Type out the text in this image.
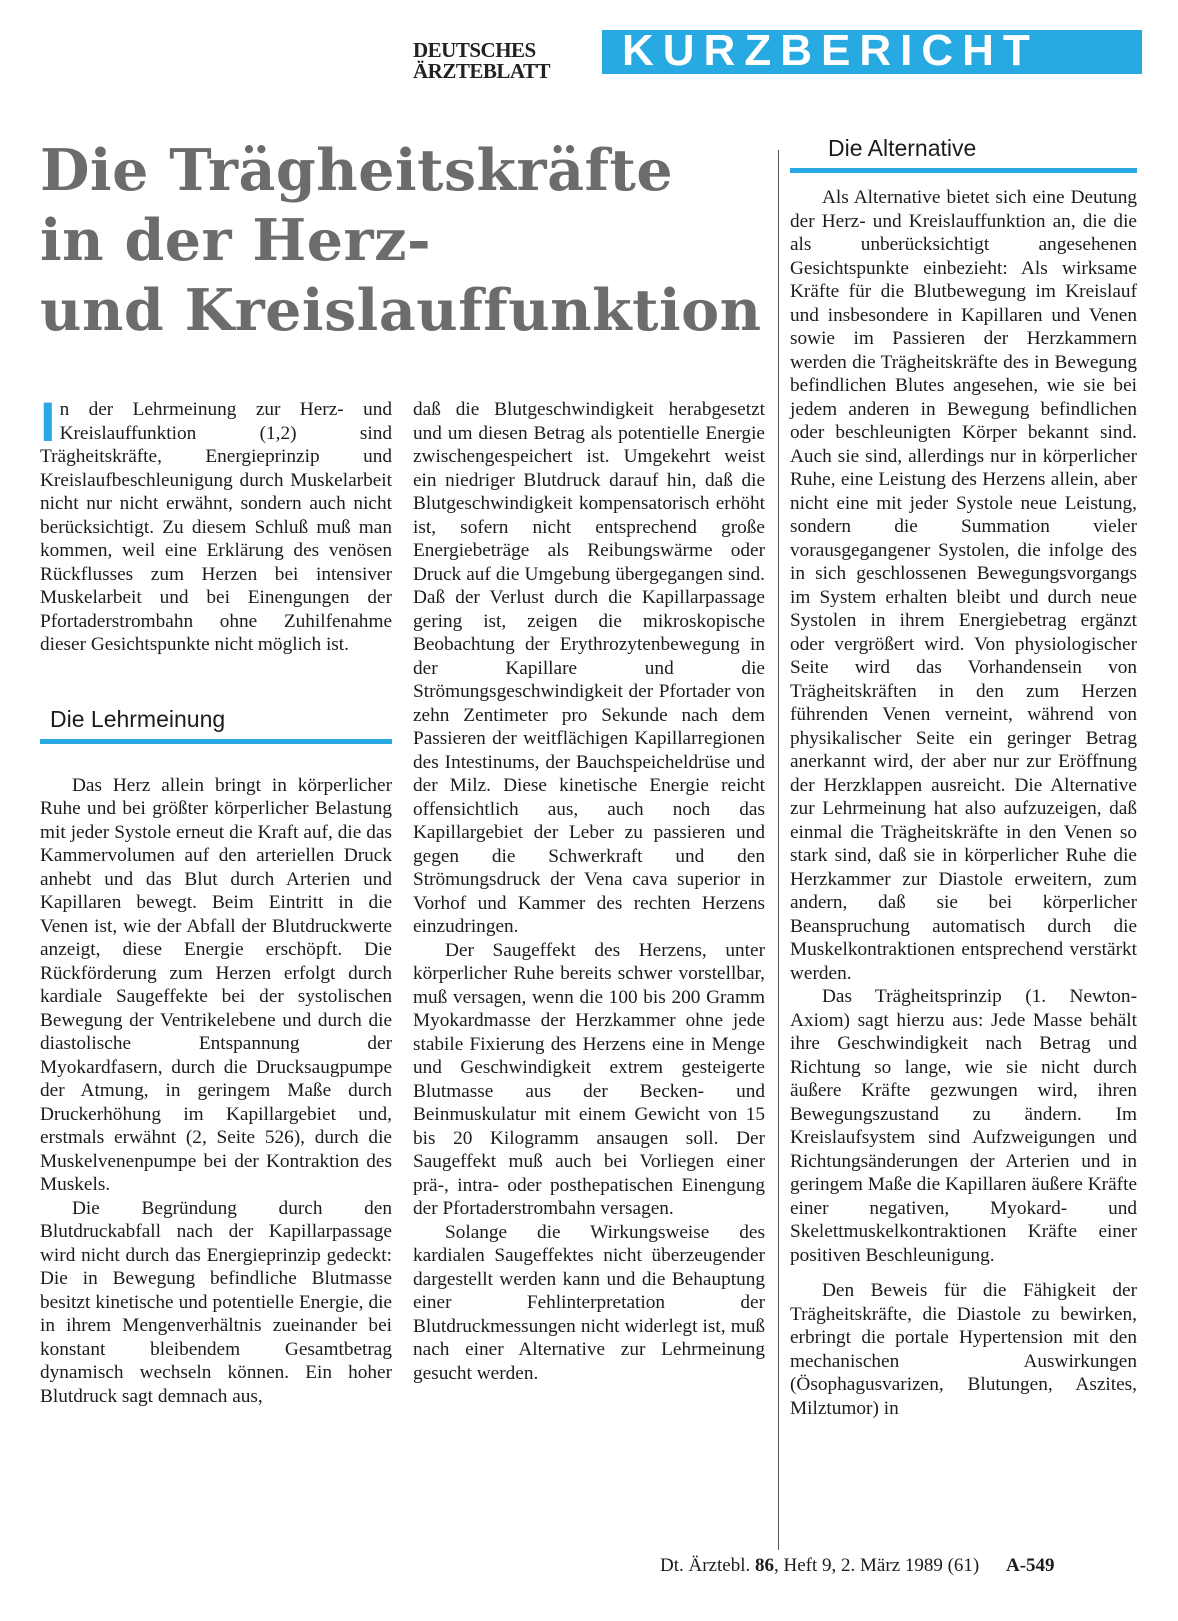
DEUTSCHES
ÄRZTEBLATT	KURZBERICHT
Die Trägheitskräfte
in der Herz-
und Kreislauffunktion

In der Lehrmeinung zur Herz- und Kreislauffunktion (1,2) sind Trägheitskräfte, Energieprinzip und Kreislaufbeschleunigung durch Muskelarbeit nicht nur nicht erwähnt, sondern auch nicht berücksichtigt. Zu diesem Schluß muß man kommen, weil eine Erklärung des venösen Rückflusses zum Herzen bei intensiver Muskelarbeit und bei Einengungen der Pfortaderstrombahn ohne Zuhilfenahme dieser Gesichtspunkte nicht möglich ist.

Die Lehrmeinung

Das Herz allein bringt in körperlicher Ruhe und bei größter körperlicher Belastung mit jeder Systole erneut die Kraft auf, die das Kammervolumen auf den arteriellen Druck anhebt und das Blut durch Arterien und Kapillaren bewegt. Beim Eintritt in die Venen ist, wie der Abfall der Blutdruckwerte anzeigt, diese Energie erschöpft. Die Rückförderung zum Herzen erfolgt durch kardiale Saugeffekte bei der systolischen Bewegung der Ventrikelebene und durch die diastolische Entspannung der Myokardfasern, durch die Drucksaugpumpe der Atmung, in geringem Maße durch Druckerhöhung im Kapillargebiet und, erstmals erwähnt (2, Seite 526), durch die Muskelvenenpumpe bei der Kontraktion des Muskels.

Die Begründung durch den Blutdruckabfall nach der Kapillarpassage wird nicht durch das Energieprinzip gedeckt: Die in Bewegung befindliche Blutmasse besitzt kinetische und potentielle Energie, die in ihrem Mengenverhältnis zueinander bei konstant bleibendem Gesamtbetrag dynamisch wechseln können. Ein hoher Blutdruck sagt demnach aus,

daß die Blutgeschwindigkeit herabgesetzt und um diesen Betrag als potentielle Energie zwischengespeichert ist. Umgekehrt weist ein niedriger Blutdruck darauf hin, daß die Blutgeschwindigkeit kompensatorisch erhöht ist, sofern nicht entsprechend große Energiebeträge als Reibungswärme oder Druck auf die Umgebung übergegangen sind. Daß der Verlust durch die Kapillarpassage gering ist, zeigen die mikroskopische Beobachtung der Erythrozytenbewegung in der Kapillare und die Strömungsgeschwindigkeit der Pfortader von zehn Zentimeter pro Sekunde nach dem Passieren der weitflächigen Kapillarregionen des Intestinums, der Bauchspeicheldrüse und der Milz. Diese kinetische Energie reicht offensichtlich aus, auch noch das Kapillargebiet der Leber zu passieren und gegen die Schwerkraft und den Strömungsdruck der Vena cava superior in Vorhof und Kammer des rechten Herzens einzudringen.

Der Saugeffekt des Herzens, unter körperlicher Ruhe bereits schwer vorstellbar, muß versagen, wenn die 100 bis 200 Gramm Myokardmasse der Herzkammer ohne jede stabile Fixierung des Herzens eine in Menge und Geschwindigkeit extrem gesteigerte Blutmasse aus der Becken- und Beinmuskulatur mit einem Gewicht von 15 bis 20 Kilogramm ansaugen soll. Der Saugeffekt muß auch bei Vorliegen einer prä-, intra- oder posthepatischen Einengung der Pfortaderstrombahn versagen.

Solange die Wirkungsweise des kardialen Saugeffektes nicht überzeugender dargestellt werden kann und die Behauptung einer Fehlinterpretation der Blutdruckmessungen nicht widerlegt ist, muß nach einer Alternative zur Lehrmeinung gesucht werden.

Die Alternative

Als Alternative bietet sich eine Deutung der Herz- und Kreislauffunktion an, die die als unberücksichtigt angesehenen Gesichtspunkte einbezieht: Als wirksame Kräfte für die Blutbewegung im Kreislauf und insbesondere in Kapillaren und Venen sowie im Passieren der Herzkammern werden die Trägheitskräfte des in Bewegung befindlichen Blutes angesehen, wie sie bei jedem anderen in Bewegung befindlichen oder beschleunigten Körper bekannt sind. Auch sie sind, allerdings nur in körperlicher Ruhe, eine Leistung des Herzens allein, aber nicht eine mit jeder Systole neue Leistung, sondern die Summation vieler vorausgegangener Systolen, die infolge des in sich geschlossenen Bewegungsvorgangs im System erhalten bleibt und durch neue Systolen in ihrem Energiebetrag ergänzt oder vergrößert wird. Von physiologischer Seite wird das Vorhandensein von Trägheitskräften in den zum Herzen führenden Venen verneint, während von physikalischer Seite ein geringer Betrag anerkannt wird, der aber nur zur Eröffnung der Herzklappen ausreicht. Die Alternative zur Lehrmeinung hat also aufzuzeigen, daß einmal die Trägheitskräfte in den Venen so stark sind, daß sie in körperlicher Ruhe die Herzkammer zur Diastole erweitern, zum andern, daß sie bei körperlicher Beanspruchung automatisch durch die Muskelkontraktionen entsprechend verstärkt werden.

Das Trägheitsprinzip (1. Newton-Axiom) sagt hierzu aus: Jede Masse behält ihre Geschwindigkeit nach Betrag und Richtung so lange, wie sie nicht durch äußere Kräfte gezwungen wird, ihren Bewegungszustand zu ändern. Im Kreislaufsystem sind Aufzweigungen und Richtungsänderungen der Arterien und in geringem Maße die Kapillaren äußere Kräfte einer negativen, Myokard- und Skelettmuskelkontraktionen Kräfte einer positiven Beschleunigung.

Den Beweis für die Fähigkeit der Trägheitskräfte, die Diastole zu bewirken, erbringt die portale Hypertension mit den mechanischen Auswirkungen (Ösophagusvarizen, Blutungen, Aszites, Milztumor) in

Dt. Ärztebl. 86, Heft 9, 2. März 1989 (61) A-549
